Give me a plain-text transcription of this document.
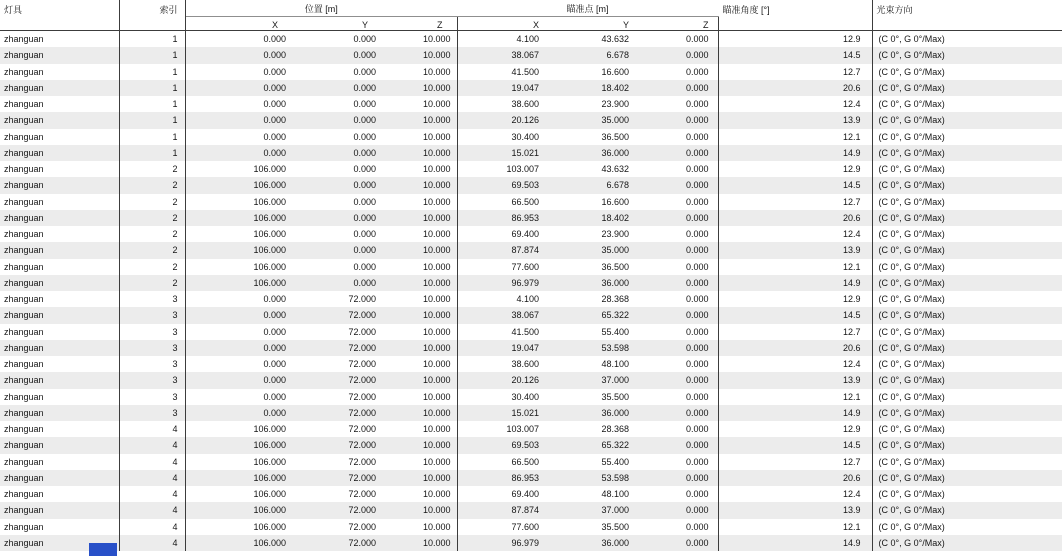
灯具	索引	位置 [m]			瞄准点 [m]			瞄准角度 [°]	光束方向
		X	Y	Z	X	Y	Z		
zhanguan	1	0.000	0.000	10.000	4.100	43.632	0.000	12.9	(C 0°, G 0°/Max)
zhanguan	1	0.000	0.000	10.000	38.067	6.678	0.000	14.5	(C 0°, G 0°/Max)
zhanguan	1	0.000	0.000	10.000	41.500	16.600	0.000	12.7	(C 0°, G 0°/Max)
zhanguan	1	0.000	0.000	10.000	19.047	18.402	0.000	20.6	(C 0°, G 0°/Max)
zhanguan	1	0.000	0.000	10.000	38.600	23.900	0.000	12.4	(C 0°, G 0°/Max)
zhanguan	1	0.000	0.000	10.000	20.126	35.000	0.000	13.9	(C 0°, G 0°/Max)
zhanguan	1	0.000	0.000	10.000	30.400	36.500	0.000	12.1	(C 0°, G 0°/Max)
zhanguan	1	0.000	0.000	10.000	15.021	36.000	0.000	14.9	(C 0°, G 0°/Max)
zhanguan	2	106.000	0.000	10.000	103.007	43.632	0.000	12.9	(C 0°, G 0°/Max)
zhanguan	2	106.000	0.000	10.000	69.503	6.678	0.000	14.5	(C 0°, G 0°/Max)
zhanguan	2	106.000	0.000	10.000	66.500	16.600	0.000	12.7	(C 0°, G 0°/Max)
zhanguan	2	106.000	0.000	10.000	86.953	18.402	0.000	20.6	(C 0°, G 0°/Max)
zhanguan	2	106.000	0.000	10.000	69.400	23.900	0.000	12.4	(C 0°, G 0°/Max)
zhanguan	2	106.000	0.000	10.000	87.874	35.000	0.000	13.9	(C 0°, G 0°/Max)
zhanguan	2	106.000	0.000	10.000	77.600	36.500	0.000	12.1	(C 0°, G 0°/Max)
zhanguan	2	106.000	0.000	10.000	96.979	36.000	0.000	14.9	(C 0°, G 0°/Max)
zhanguan	3	0.000	72.000	10.000	4.100	28.368	0.000	12.9	(C 0°, G 0°/Max)
zhanguan	3	0.000	72.000	10.000	38.067	65.322	0.000	14.5	(C 0°, G 0°/Max)
zhanguan	3	0.000	72.000	10.000	41.500	55.400	0.000	12.7	(C 0°, G 0°/Max)
zhanguan	3	0.000	72.000	10.000	19.047	53.598	0.000	20.6	(C 0°, G 0°/Max)
zhanguan	3	0.000	72.000	10.000	38.600	48.100	0.000	12.4	(C 0°, G 0°/Max)
zhanguan	3	0.000	72.000	10.000	20.126	37.000	0.000	13.9	(C 0°, G 0°/Max)
zhanguan	3	0.000	72.000	10.000	30.400	35.500	0.000	12.1	(C 0°, G 0°/Max)
zhanguan	3	0.000	72.000	10.000	15.021	36.000	0.000	14.9	(C 0°, G 0°/Max)
zhanguan	4	106.000	72.000	10.000	103.007	28.368	0.000	12.9	(C 0°, G 0°/Max)
zhanguan	4	106.000	72.000	10.000	69.503	65.322	0.000	14.5	(C 0°, G 0°/Max)
zhanguan	4	106.000	72.000	10.000	66.500	55.400	0.000	12.7	(C 0°, G 0°/Max)
zhanguan	4	106.000	72.000	10.000	86.953	53.598	0.000	20.6	(C 0°, G 0°/Max)
zhanguan	4	106.000	72.000	10.000	69.400	48.100	0.000	12.4	(C 0°, G 0°/Max)
zhanguan	4	106.000	72.000	10.000	87.874	37.000	0.000	13.9	(C 0°, G 0°/Max)
zhanguan	4	106.000	72.000	10.000	77.600	35.500	0.000	12.1	(C 0°, G 0°/Max)
zhanguan	4	106.000	72.000	10.000	96.979	36.000	0.000	14.9	(C 0°, G 0°/Max)
